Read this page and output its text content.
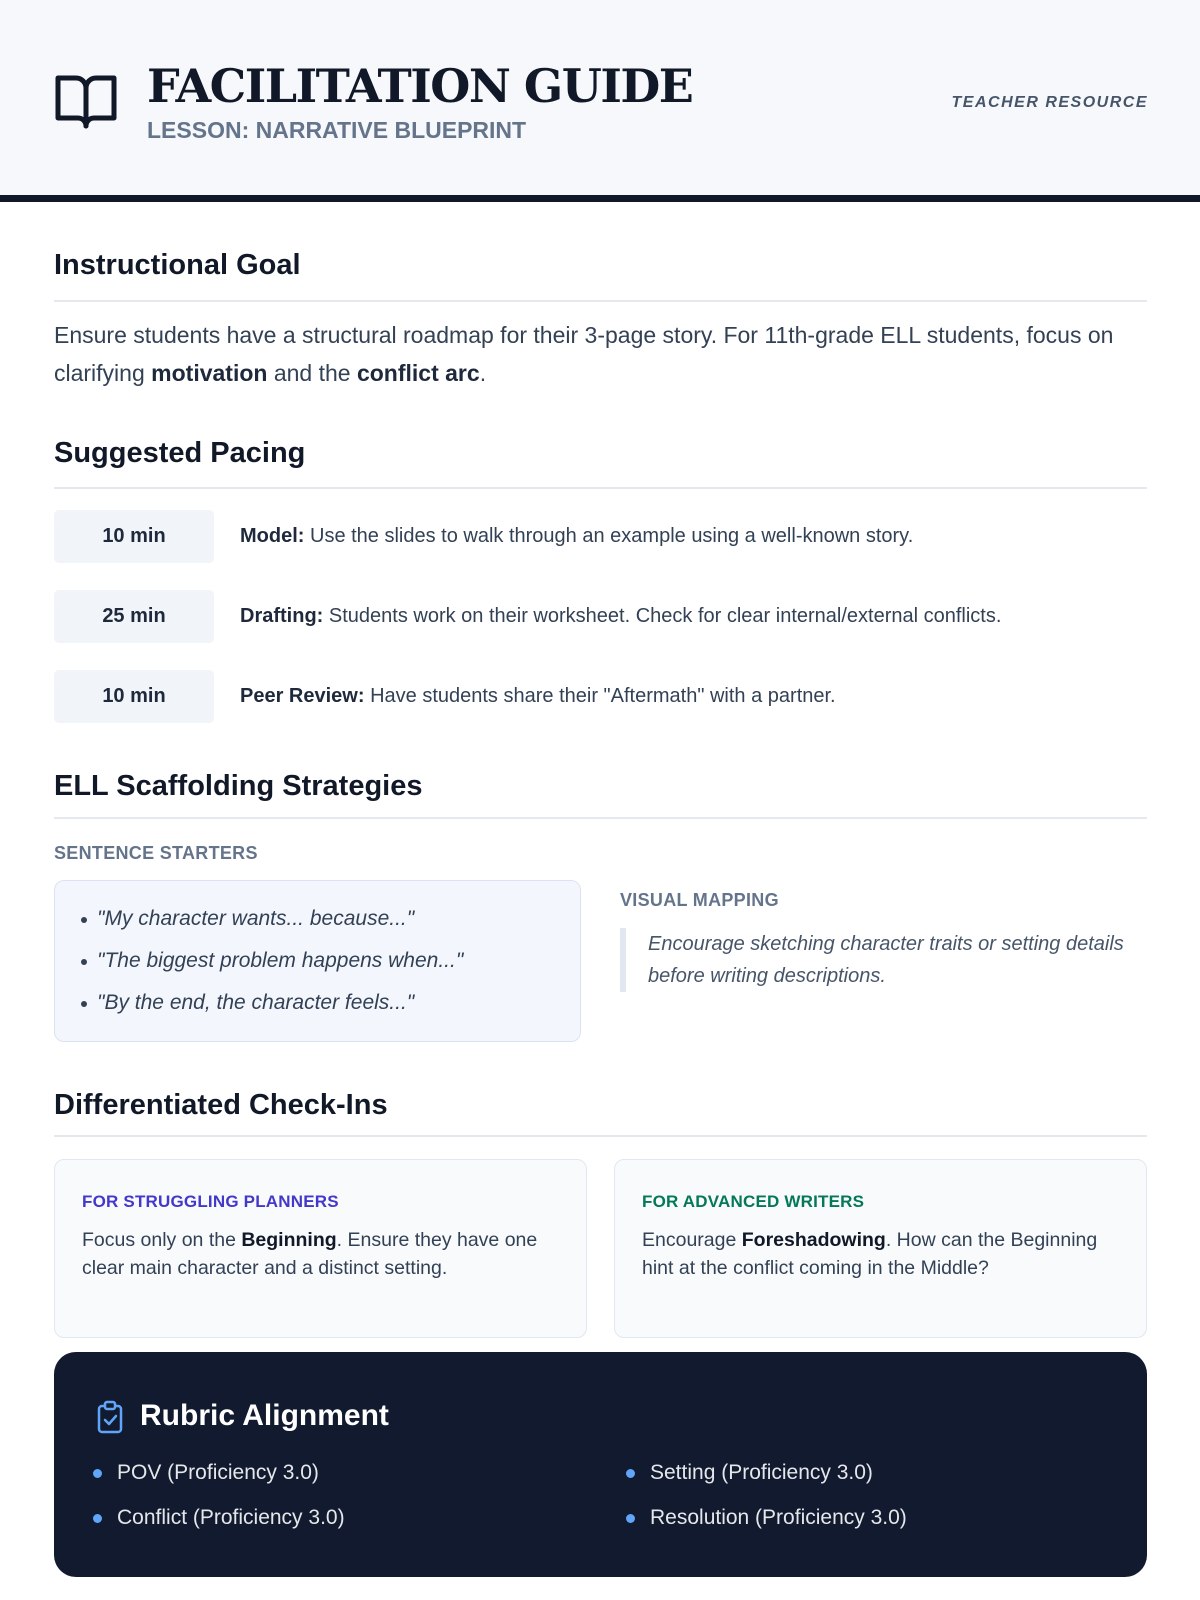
FACILITATION GUIDE
LESSON: NARRATIVE BLUEPRINT
TEACHER RESOURCE
Instructional Goal

Ensure students have a structural roadmap for their 3-page story. For 11th-grade ELL students, focus on clarifying motivation and the conflict arc.

Suggested Pacing
10 min	Model: Use the slides to walk through an example using a well-known story.
25 min	Drafting: Students work on their worksheet. Check for clear internal/external conflicts.
10 min	Peer Review: Have students share their "Aftermath" with a partner.
ELL Scaffolding Strategies
SENTENCE STARTERS
"My character wants... because..."
"The biggest problem happens when..."
"By the end, the character feels..."
VISUAL MAPPING
Encourage sketching character traits or setting details before writing descriptions.
Differentiated Check-Ins
FOR STRUGGLING PLANNERS

Focus only on the Beginning. Ensure they have one clear main character and a distinct setting.

FOR ADVANCED WRITERS

Encourage Foreshadowing. How can the Beginning hint at the conflict coming in the Middle?

Rubric Alignment
POV (Proficiency 3.0)	Setting (Proficiency 3.0)
Conflict (Proficiency 3.0)	Resolution (Proficiency 3.0)
